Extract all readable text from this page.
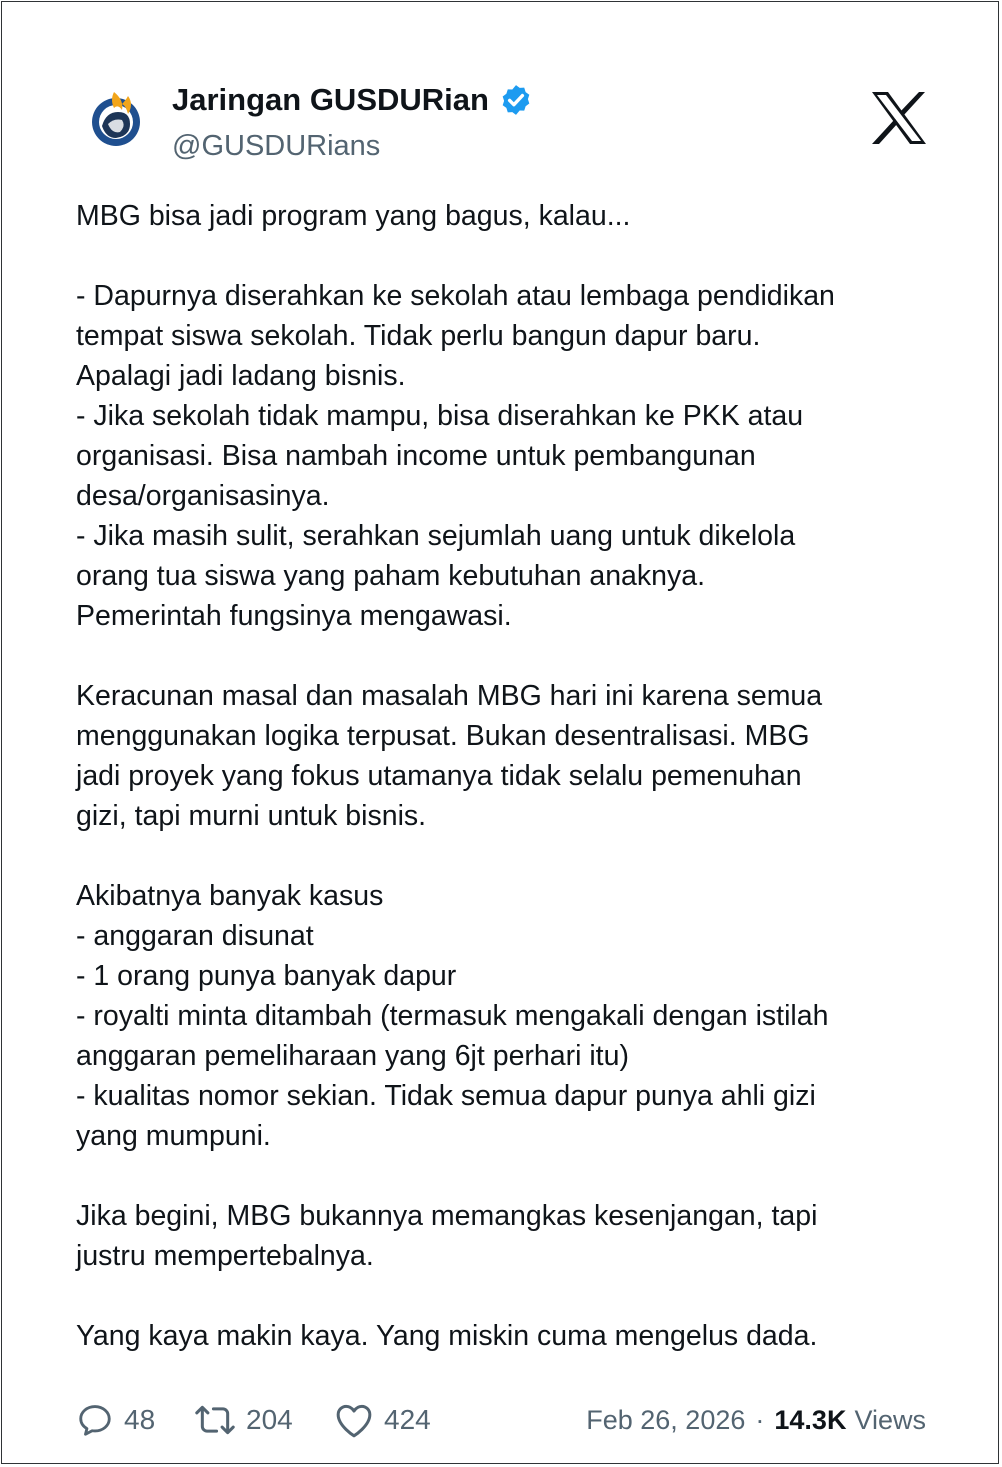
Jaringan GUSDURian
@GUSDURians
MBG bisa jadi program yang bagus, kalau...
- Dapurnya diserahkan ke sekolah atau lembaga pendidikan
tempat siswa sekolah. Tidak perlu bangun dapur baru.
Apalagi jadi ladang bisnis.
- Jika sekolah tidak mampu, bisa diserahkan ke PKK atau
organisasi. Bisa nambah income untuk pembangunan
desa/organisasinya.
- Jika masih sulit, serahkan sejumlah uang untuk dikelola
orang tua siswa yang paham kebutuhan anaknya.
Pemerintah fungsinya mengawasi.
Keracunan masal dan masalah MBG hari ini karena semua
menggunakan logika terpusat. Bukan desentralisasi. MBG
jadi proyek yang fokus utamanya tidak selalu pemenuhan
gizi, tapi murni untuk bisnis.
Akibatnya banyak kasus
- anggaran disunat
- 1 orang punya banyak dapur
- royalti minta ditambah (termasuk mengakali dengan istilah
anggaran pemeliharaan yang 6jt perhari itu)
- kualitas nomor sekian. Tidak semua dapur punya ahli gizi
yang mumpuni.
Jika begini, MBG bukannya memangkas kesenjangan, tapi
justru mempertebalnya.
Yang kaya makin kaya. Yang miskin cuma mengelus dada.
48	204	424	Feb 26, 2026 · 14.3K Views
